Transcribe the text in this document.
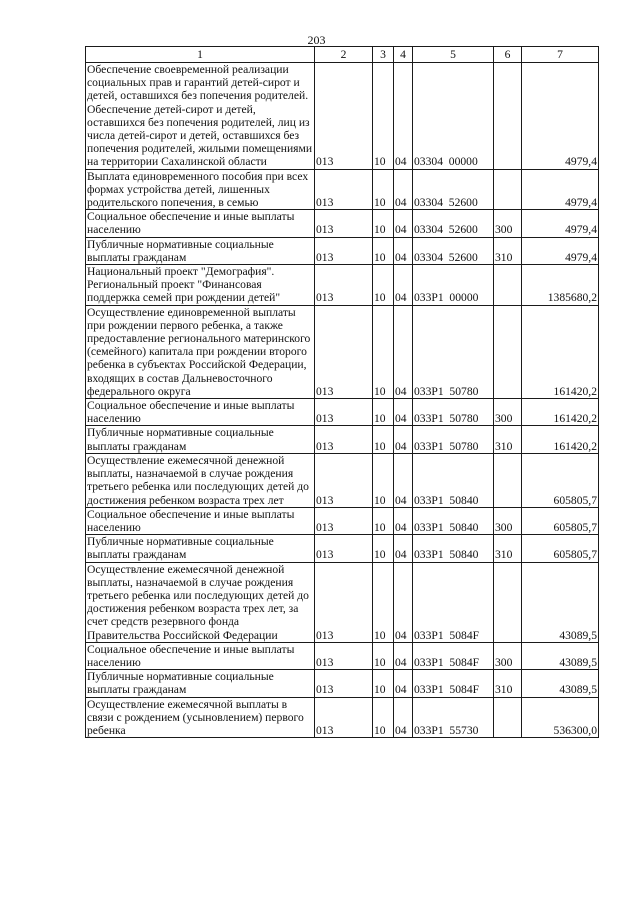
203
1	2	3	4	5	6	7
Обеспечение своевременной реализации социальных прав и гарантий детей-сирот и детей, оставшихся без попечения родителей. Обеспечение детей-сирот и детей, оставшихся без попечения родителей, лиц из числа детей-сирот и детей, оставшихся без попечения родителей, жилыми помещениями на территории Сахалинской области	013	10	04	03304  00000		4979,4
Выплата единовременного пособия при всех формах устройства детей, лишенных родительского попечения, в семью	013	10	04	03304  52600		4979,4
Социальное обеспечение и иные выплаты населению	013	10	04	03304  52600	300	4979,4
Публичные нормативные социальные выплаты гражданам	013	10	04	03304  52600	310	4979,4
Национальный проект "Демография". Региональный проект "Финансовая поддержка семей при рождении детей"	013	10	04	033P1  00000		1385680,2
Осуществление единовременной выплаты при рождении первого ребенка, а также предоставление регионального материнского (семейного) капитала при рождении второго ребенка в субъектах Российской Федерации, входящих в состав Дальневосточного федерального округа	013	10	04	033P1  50780		161420,2
Социальное обеспечение и иные выплаты населению	013	10	04	033P1  50780	300	161420,2
Публичные нормативные социальные выплаты гражданам	013	10	04	033P1  50780	310	161420,2
Осуществление ежемесячной денежной выплаты, назначаемой в случае рождения третьего ребенка или последующих детей до достижения ребенком возраста трех лет	013	10	04	033P1  50840		605805,7
Социальное обеспечение и иные выплаты населению	013	10	04	033P1  50840	300	605805,7
Публичные нормативные социальные выплаты гражданам	013	10	04	033P1  50840	310	605805,7
Осуществление ежемесячной денежной выплаты, назначаемой в случае рождения третьего ребенка или последующих детей до достижения ребенком возраста трех лет, за счет средств резервного фонда Правительства Российской Федерации	013	10	04	033P1  5084F		43089,5
Социальное обеспечение и иные выплаты населению	013	10	04	033P1  5084F	300	43089,5
Публичные нормативные социальные выплаты гражданам	013	10	04	033P1  5084F	310	43089,5
Осуществление ежемесячной выплаты в связи с рождением (усыновлением) первого ребенка	013	10	04	033P1  55730		536300,0
